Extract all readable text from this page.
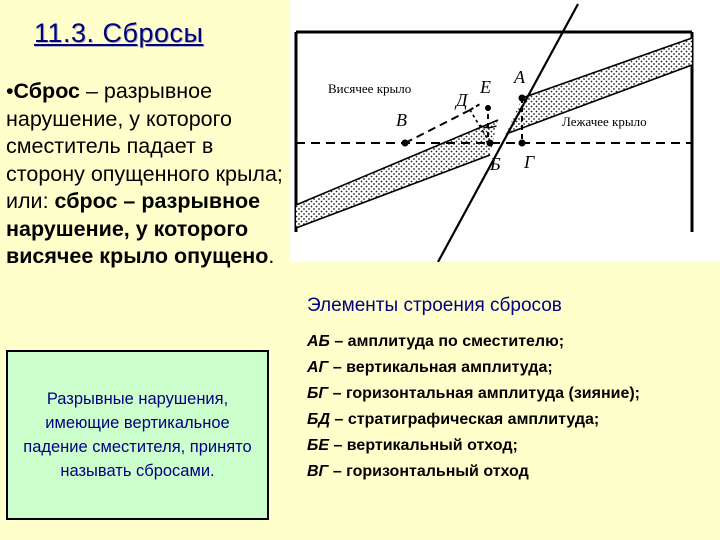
11.3. Сбросы
•Сброс – разрывное нарушение, у которого сместитель падает в сторону опущенного крыла; или: сброс – разрывное нарушение, у которого висячее крыло опущено.
Разрывные нарушения, имеющие вертикальное падение сместителя, принято называть сбросами.
Висячее крыло
Лежачее крыло
А
Е
Д
В
Б Г
Элементы строения сбросов
АБ – амплитуда по сместителю;
АГ – вертикальная амплитуда;
БГ – горизонтальная амплитуда (зияние);
БД – стратиграфическая амплитуда;
БЕ – вертикальный отход;
ВГ – горизонтальный отход
